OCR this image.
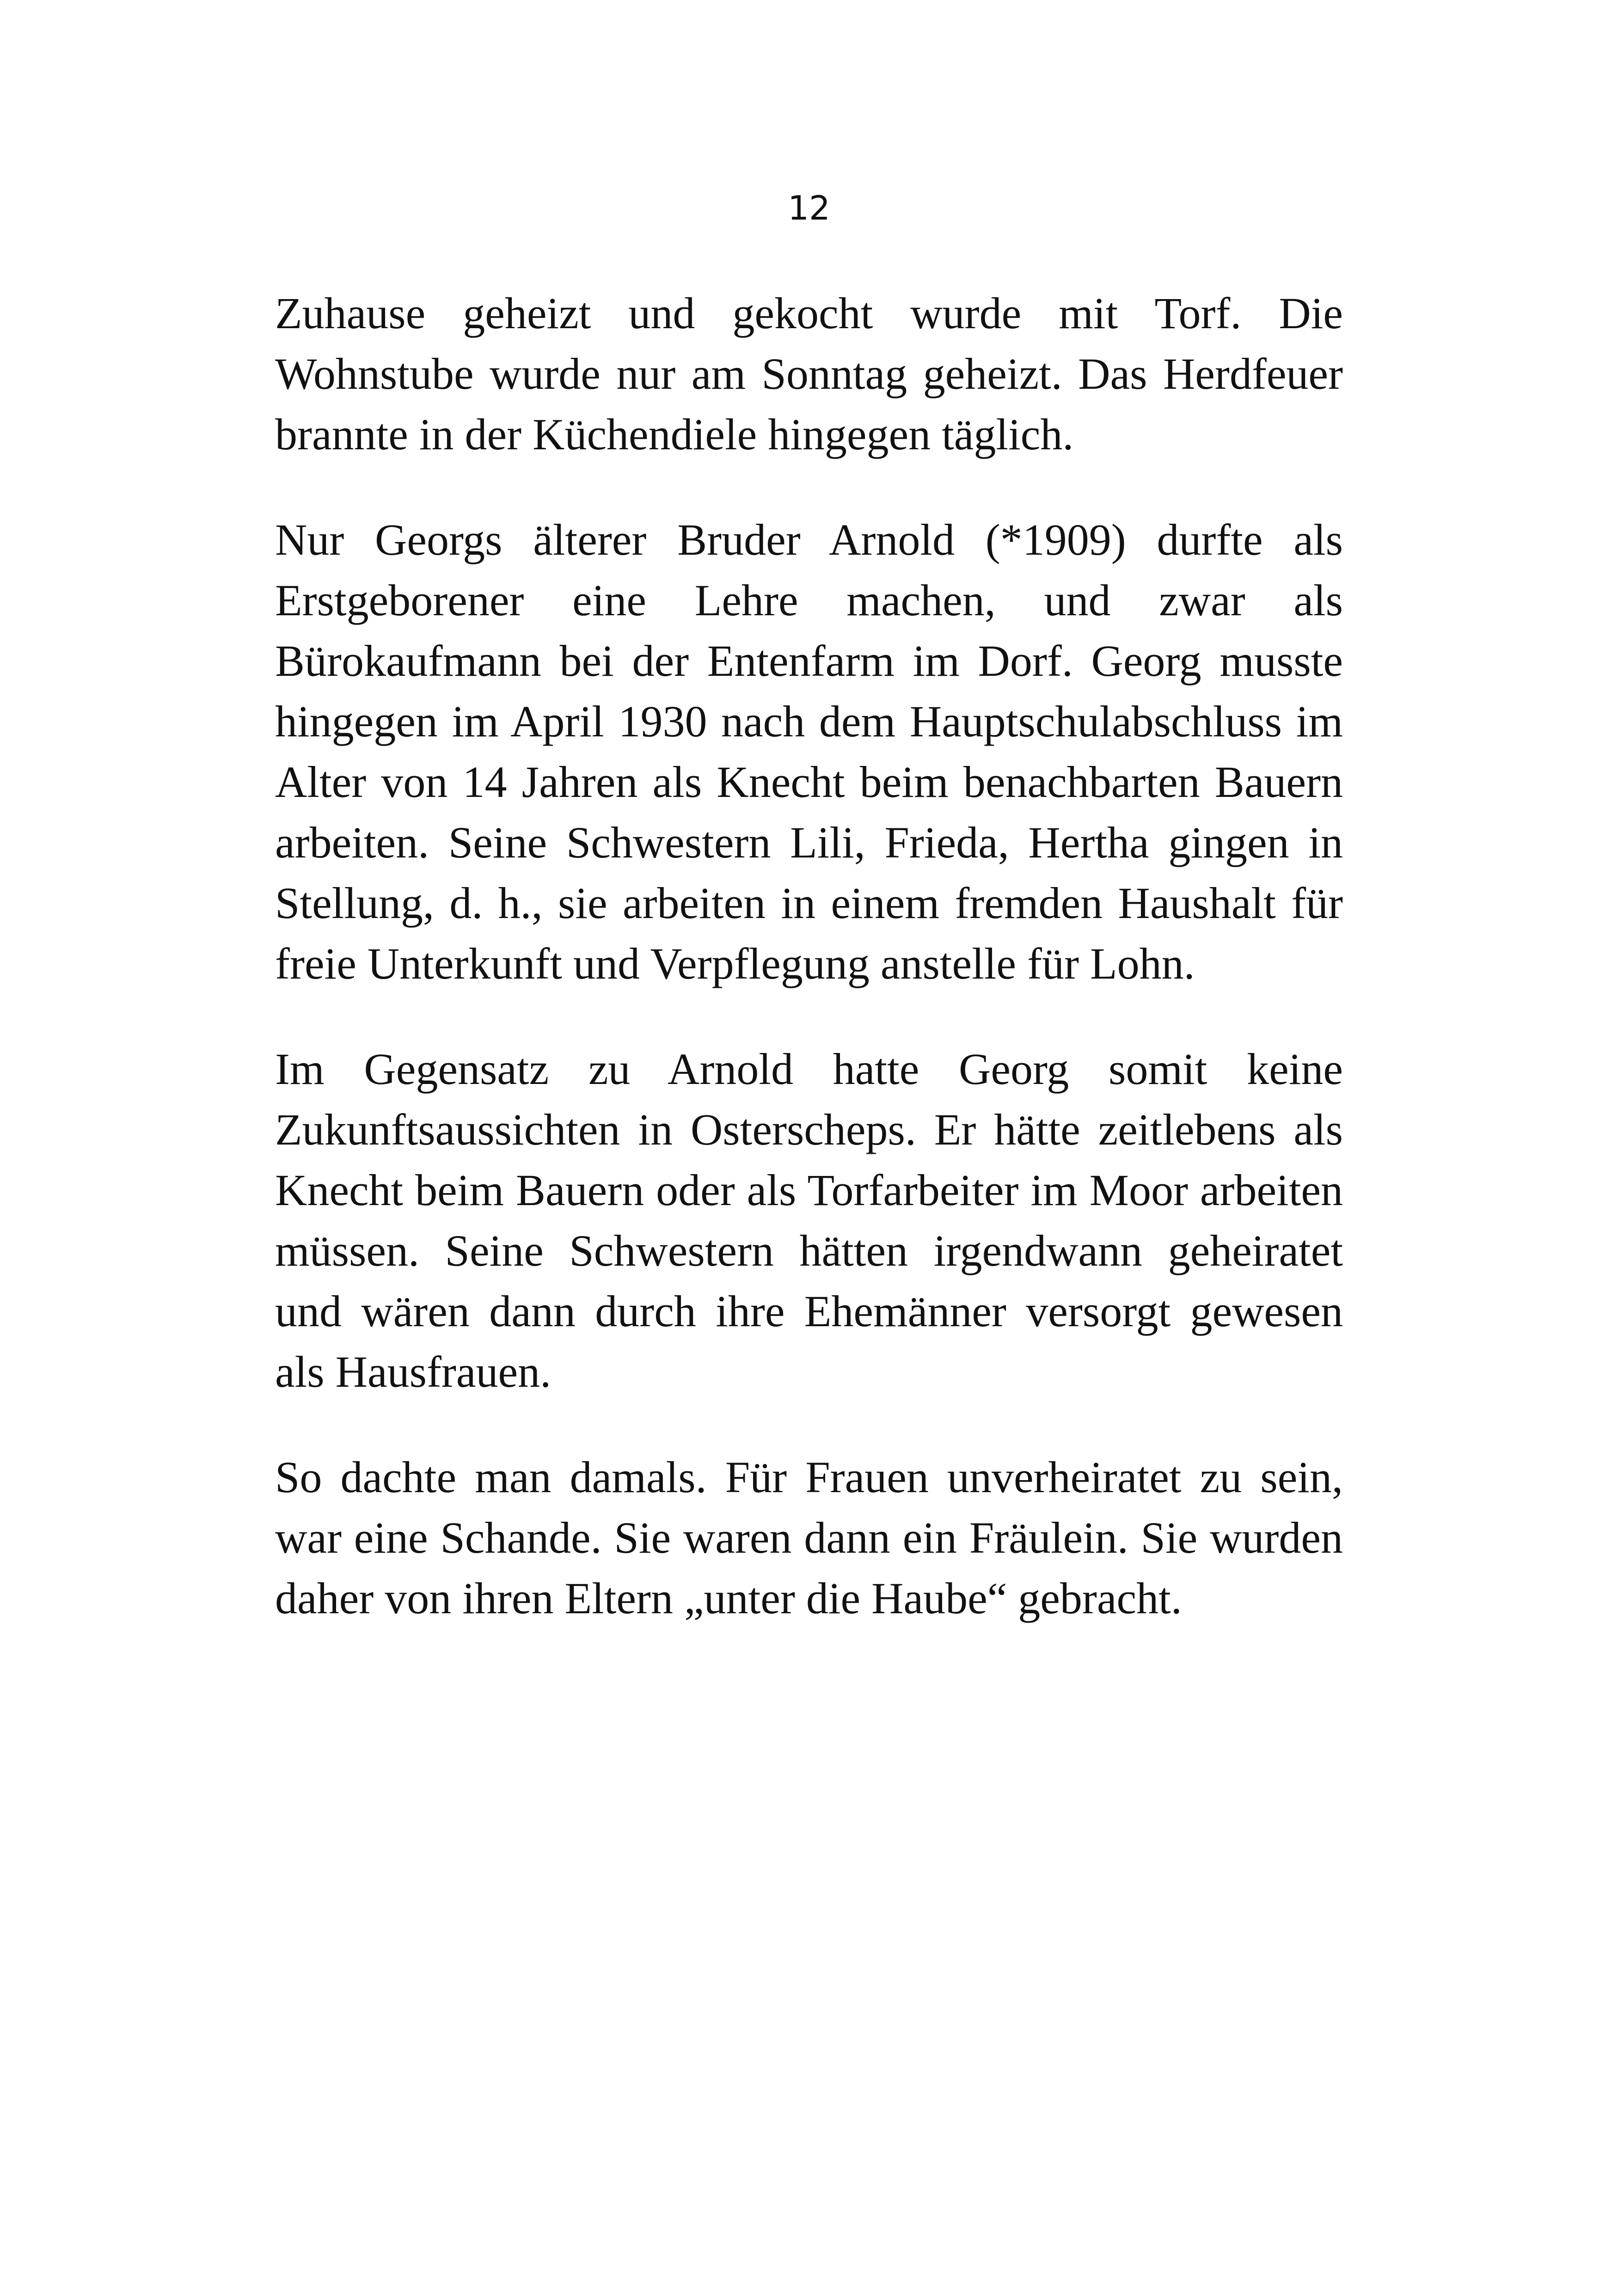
12

Zuhause geheizt und gekocht wurde mit Torf. Die Wohnstube wurde nur am Sonntag geheizt. Das Herdfeuer brannte in der Küchendiele hingegen täglich.

Nur Georgs älterer Bruder Arnold (*1909) durfte als Erstgeborener eine Lehre machen, und zwar als Bürokaufmann bei der Entenfarm im Dorf. Georg musste hingegen im April 1930 nach dem Hauptschulabschluss im Alter von 14 Jahren als Knecht beim benachbarten Bauern arbeiten. Seine Schwestern Lili, Frieda, Hertha gingen in Stellung, d. h., sie arbeiten in einem fremden Haushalt für freie Unterkunft und Verpflegung anstelle für Lohn.

Im Gegensatz zu Arnold hatte Georg somit keine Zukunftsaussichten in Osterscheps. Er hätte zeitlebens als Knecht beim Bauern oder als Torfarbeiter im Moor arbeiten müssen. Seine Schwestern hätten irgendwann geheiratet und wären dann durch ihre Ehemänner versorgt gewesen als Hausfrauen.

So dachte man damals. Für Frauen unverheiratet zu sein, war eine Schande. Sie waren dann ein Fräulein. Sie wurden daher von ihren Eltern „unter die Haube“ gebracht.
